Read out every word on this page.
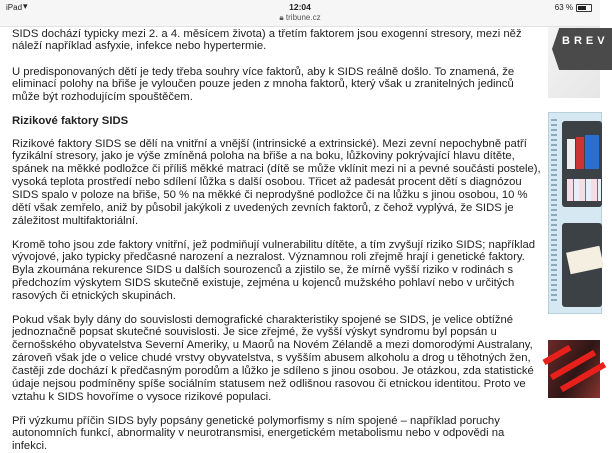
iPad ▾	12:04
🔒︎ tribune.cz
63 %
SIDS dochází typicky mezi 2. a 4. měsícem života) a třetím faktorem jsou exogenní stresory, mezi něž
náleží například asfyxie, infekce nebo hypertermie.
U predisponovaných dětí je tedy třeba souhry více faktorů, aby k SIDS reálně došlo. To znamená, že
eliminací polohy na břiše je vyloučen pouze jeden z mnoha faktorů, který však u zranitelných jedinců
může být rozhodujícím spouštěčem.
Rizikové faktory SIDS
Rizikové faktory SIDS se dělí na vnitřní a vnější (intrinsické a extrinsické). Mezi zevní nepochybně patří
fyzikální stresory, jako je výše zmíněná poloha na břiše a na boku, lůžkoviny pokrývající hlavu dítěte,
spánek na měkké podložce či příliš měkké matraci (dítě se může vklínit mezi ni a pevné součásti postele),
vysoká teplota prostředí nebo sdílení lůžka s další osobou. Třicet až padesát procent dětí s diagnózou
SIDS spalo v poloze na břiše, 50 % na měkké či neprodyšné podložce či na lůžku s jinou osobou, 10 %
dětí však zemřelo, aniž by působil jakýkoli z uvedených zevních faktorů, z čehož vyplývá, že SIDS je
záležitost multifaktoriální.
Kromě toho jsou zde faktory vnitřní, jež podmiňují vulnerabilitu dítěte, a tím zvyšují riziko SIDS; například
vývojové, jako typicky předčasné narození a nezralost. Významnou roli zřejmě hrají i genetické faktory.
Byla zkoumána rekurence SIDS u dalších sourozenců a zjistilo se, že mírně vyšší riziko v rodinách s
předchozím výskytem SIDS skutečně existuje, zejména u kojenců mužského pohlaví nebo v určitých
rasových či etnických skupinách.
Pokud však byly dány do souvislosti demografické charakteristiky spojené se SIDS, je velice obtížné
jednoznačně popsat skutečné souvislosti. Je sice zřejmé, že vyšší výskyt syndromu byl popsán u
černošského obyvatelstva Severní Ameriky, u Maorů na Novém Zélandě a mezi domorodými Australany,
zároveň však jde o velice chudé vrstvy obyvatelstva, s vyšším abusem alkoholu a drog u těhotných žen,
častěji zde dochází k předčasným porodům a lůžko je sdíleno s jinou osobou. Je otázkou, zda statistické
údaje nejsou podmíněny spíše sociálním statusem než odlišnou rasovou či etnickou identitou. Proto ve
vztahu k SIDS hovoříme o vysoce rizikové populaci.
Při výzkumu příčin SIDS byly popsány genetické polymorfismy s ním spojené – například poruchy
autonomních funkcí, abnormality v neurotransmisi, energetickém metabolismu nebo v odpovědi na
infekci.
BREV
